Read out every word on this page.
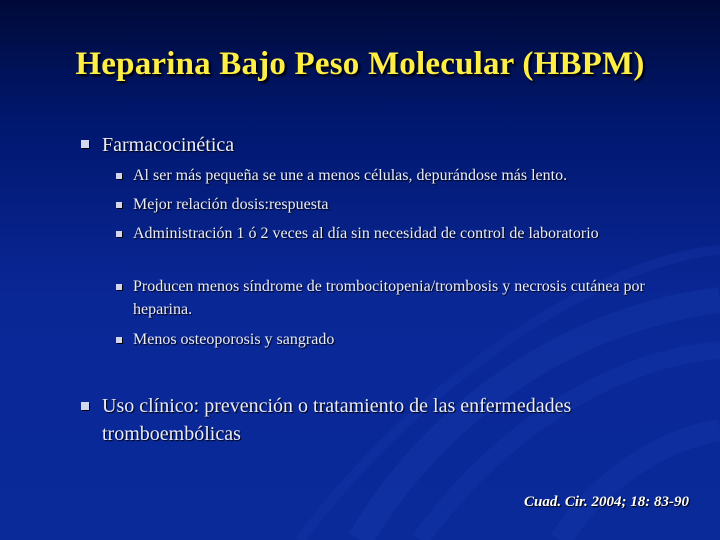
Heparina Bajo Peso Molecular (HBPM)
Farmacocinética
Al ser más pequeña se une a menos células, depurándose más lento.
Mejor relación dosis:respuesta
Administración 1 ó 2 veces al día sin necesidad de control de laboratorio
Producen menos síndrome de trombocitopenia/trombosis y necrosis cutánea por heparina.
Menos osteoporosis y sangrado
Uso clínico: prevención o tratamiento de las enfermedades tromboembólicas
Cuad. Cir. 2004; 18: 83-90
